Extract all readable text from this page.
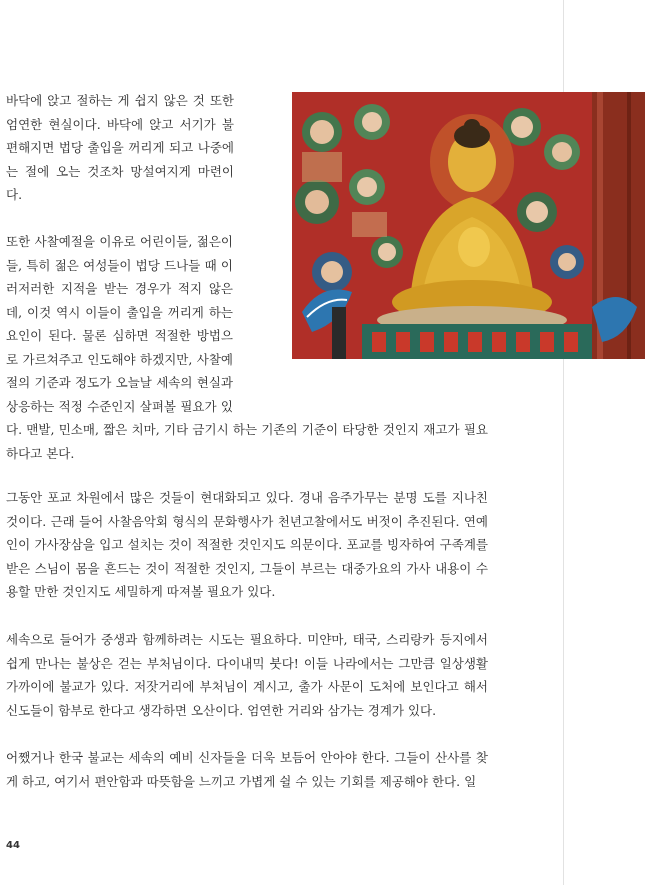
바닥에 앉고 절하는 게 쉽지 않은 것 또한 엄연한 현실이다. 바닥에 앉고 서기가 불편해지면 법당 출입을 꺼리게 되고 나중에는 절에 오는 것조차 망설여지게 마련이다.

또한 사찰예절을 이유로 어린이들, 젊은이들, 특히 젊은 여성들이 법당 드나들 때 이러저러한 지적을 받는 경우가 적지 않은데, 이것 역시 이들이 출입을 꺼리게 하는 요인이 된다. 물론 심하면 적절한 방법으로 가르쳐주고 인도해야 하겠지만, 사찰예절의 기준과 정도가 오늘날 세속의 현실과 상응하는 적정 수준인지 살펴볼 필요가 있다. 맨발, 민소매, 짧은 치마, 기타 금기시 하는 기존의 기준이 타당한 것인지 재고가 필요하다고 본다.

그동안 포교 차원에서 많은 것들이 현대화되고 있다. 경내 음주가무는 분명 도를 지나친 것이다. 근래 들어 사찰음악회 형식의 문화행사가 천년고찰에서도 버젓이 추진된다. 연예인이 가사장삼을 입고 설치는 것이 적절한 것인지도 의문이다. 포교를 빙자하여 구족계를 받은 스님이 몸을 흔드는 것이 적절한 것인지, 그들이 부르는 대중가요의 가사 내용이 수용할 만한 것인지도 세밀하게 따져볼 필요가 있다.

세속으로 들어가 중생과 함께하려는 시도는 필요하다. 미얀마, 태국, 스리랑카 등지에서 쉽게 만나는 불상은 걷는 부처님이다. 다이내믹 붓다! 이들 나라에서는 그만큼 일상생활 가까이에 불교가 있다. 저잣거리에 부처님이 계시고, 출가 사문이 도처에 보인다고 해서 신도들이 함부로 한다고 생각하면 오산이다. 엄연한 거리와 삼가는 경계가 있다.

어쨌거나 한국 불교는 세속의 예비 신자들을 더욱 보듬어 안아야 한다. 그들이 산사를 찾게 하고, 여기서 편안함과 따뜻함을 느끼고 가볍게 쉴 수 있는 기회를 제공해야 한다. 일

44
